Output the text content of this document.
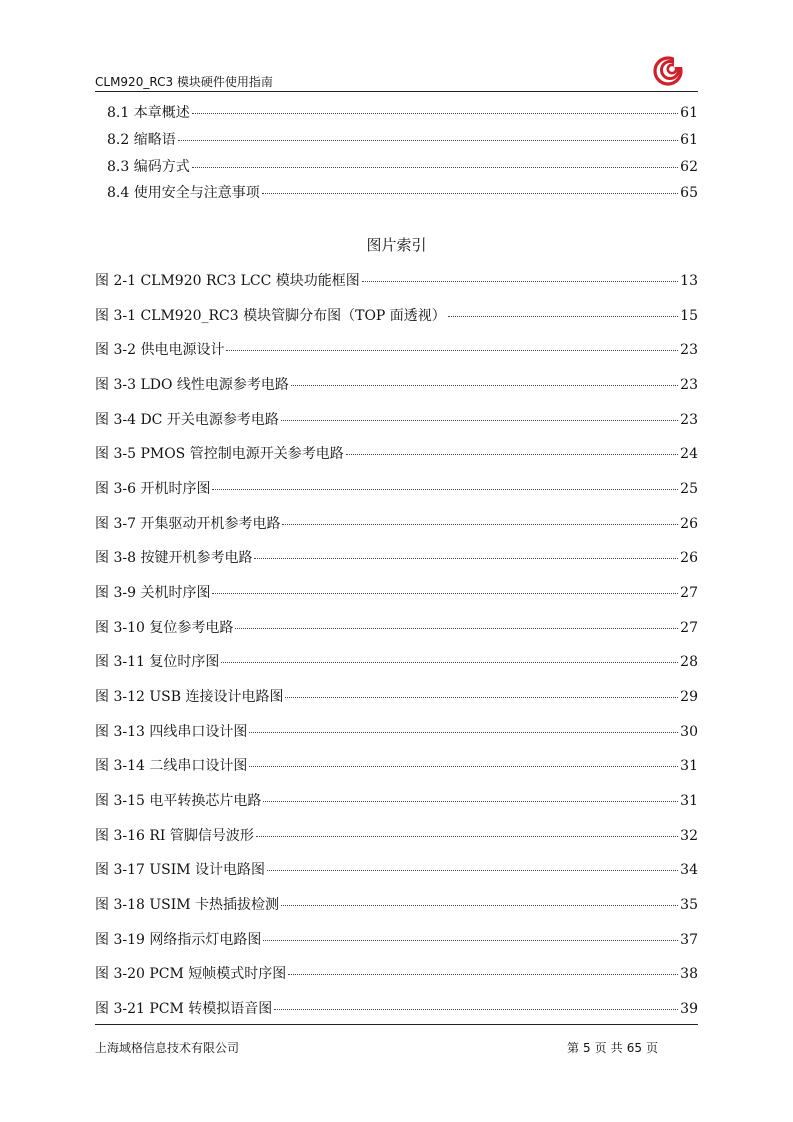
CLM920_RC3 模块硬件使用指南
8.1 本章概述	61
8.2 缩略语	61
8.3 编码方式	62
8.4 使用安全与注意事项	65
图片索引
图 2-1 CLM920 RC3 LCC 模块功能框图	13
图 3-1 CLM920_RC3 模块管脚分布图（TOP 面透视）	15
图 3-2 供电电源设计	23
图 3-3 LDO 线性电源参考电路	23
图 3-4 DC 开关电源参考电路	23
图 3-5 PMOS 管控制电源开关参考电路	24
图 3-6 开机时序图	25
图 3-7 开集驱动开机参考电路	26
图 3-8 按键开机参考电路	26
图 3-9 关机时序图	27
图 3-10 复位参考电路	27
图 3-11 复位时序图	28
图 3-12 USB 连接设计电路图	29
图 3-13 四线串口设计图	30
图 3-14 二线串口设计图	31
图 3-15 电平转换芯片电路	31
图 3-16 RI 管脚信号波形	32
图 3-17 USIM 设计电路图	34
图 3-18 USIM 卡热插拔检测	35
图 3-19 网络指示灯电路图	37
图 3-20 PCM 短帧模式时序图	38
图 3-21 PCM 转模拟语音图	39
上海域格信息技术有限公司	第 5 页 共 65 页
